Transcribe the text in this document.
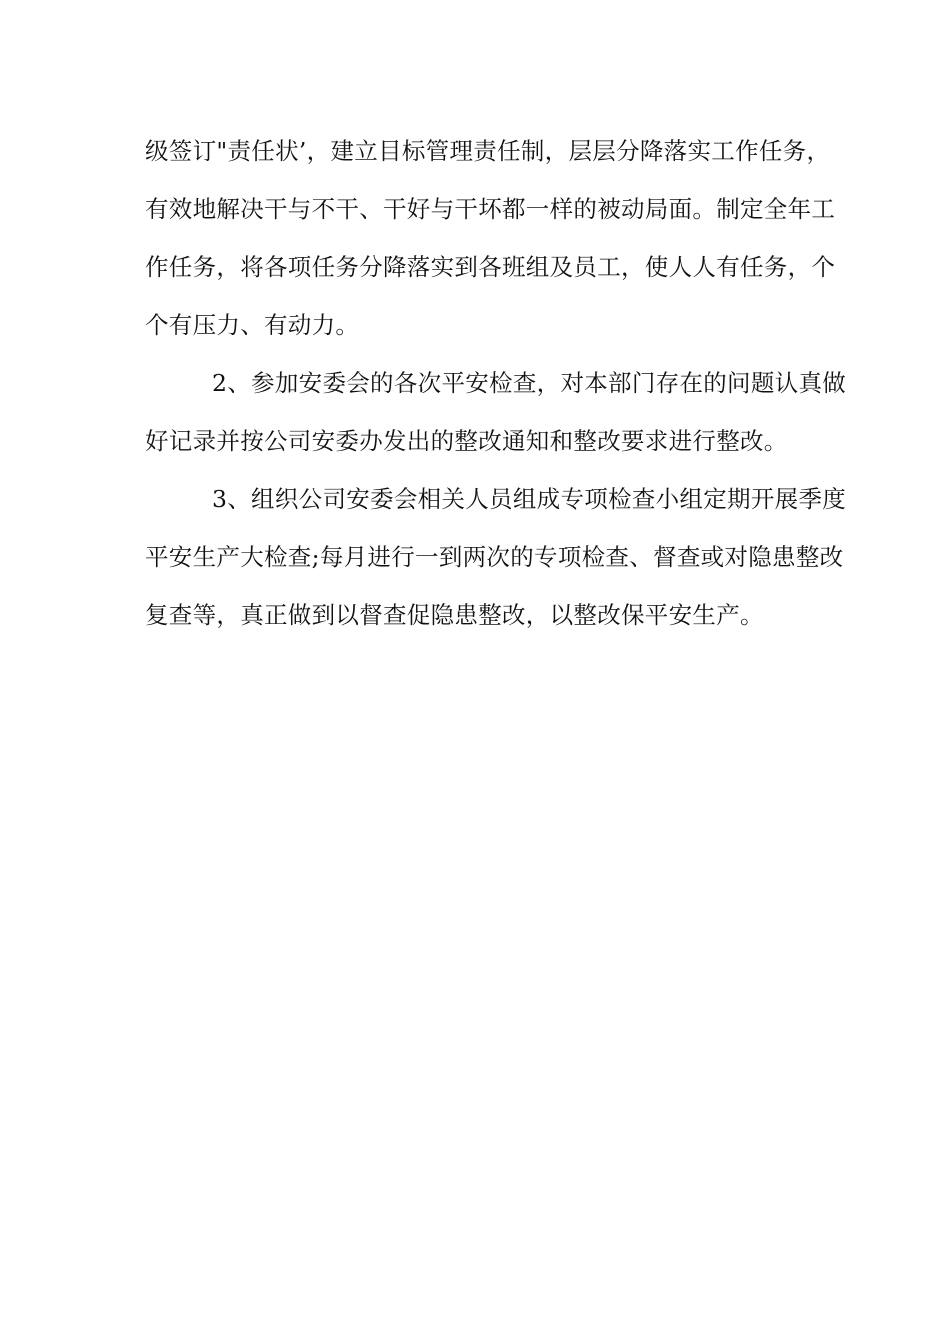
级签订"责任状’，建立目标管理责任制，层层分降落实工作任务，
有效地解决干与不干、干好与干坏都一样的被动局面。制定全年工
作任务，将各项任务分降落实到各班组及员工，使人人有任务，个
个有压力、有动力。
2、参加安委会的各次平安检查，对本部门存在的问题认真做
好记录并按公司安委办发出的整改通知和整改要求进行整改。
3、组织公司安委会相关人员组成专项检查小组定期开展季度
平安生产大检查;每月进行一到两次的专项检查、督查或对隐患整改
复查等，真正做到以督查促隐患整改，以整改保平安生产。
